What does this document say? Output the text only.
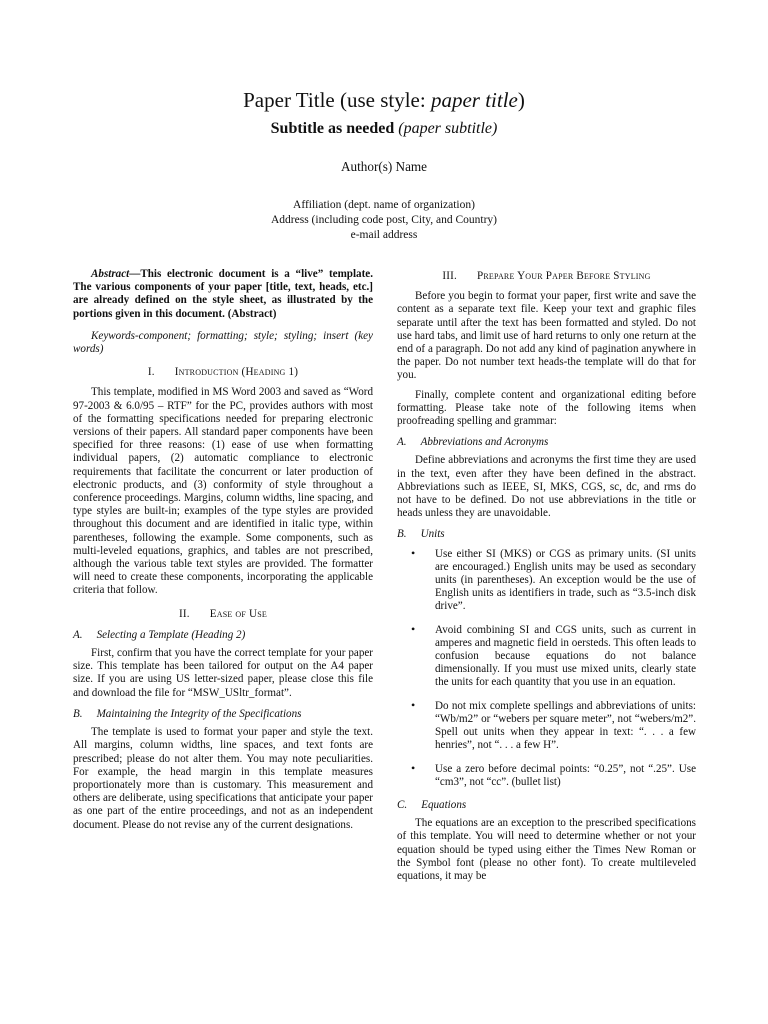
Paper Title (use style: paper title)
Subtitle as needed (paper subtitle)
Author(s) Name
Affiliation (dept. name of organization)
Address (including code post, City, and Country)
e-mail address

Abstract—This electronic document is a “live” template. The various components of your paper [title, text, heads, etc.] are already defined on the style sheet, as illustrated by the portions given in this document. (Abstract)

Keywords-component; formatting; style; styling; insert (key words)

I. Introduction (Heading 1)

This template, modified in MS Word 2003 and saved as “Word 97-2003 & 6.0/95 – RTF” for the PC, provides authors with most of the formatting specifications needed for preparing electronic versions of their papers. All standard paper components have been specified for three reasons: (1) ease of use when formatting individual papers, (2) automatic compliance to electronic requirements that facilitate the concurrent or later production of electronic products, and (3) conformity of style throughout a conference proceedings. Margins, column widths, line spacing, and type styles are built-in; examples of the type styles are provided throughout this document and are identified in italic type, within parentheses, following the example. Some components, such as multi-leveled equations, graphics, and tables are not prescribed, although the various table text styles are provided. The formatter will need to create these components, incorporating the applicable criteria that follow.

II. Ease of Use
A. Selecting a Template (Heading 2)

First, confirm that you have the correct template for your paper size. This template has been tailored for output on the A4 paper size. If you are using US letter-sized paper, please close this file and download the file for “MSW_USltr_format”.

B. Maintaining the Integrity of the Specifications

The template is used to format your paper and style the text. All margins, column widths, line spaces, and text fonts are prescribed; please do not alter them. You may note peculiarities. For example, the head margin in this template measures proportionately more than is customary. This measurement and others are deliberate, using specifications that anticipate your paper as one part of the entire proceedings, and not as an independent document. Please do not revise any of the current designations.

III. Prepare Your Paper Before Styling

Before you begin to format your paper, first write and save the content as a separate text file. Keep your text and graphic files separate until after the text has been formatted and styled. Do not use hard tabs, and limit use of hard returns to only one return at the end of a paragraph. Do not add any kind of pagination anywhere in the paper. Do not number text heads-the template will do that for you.

Finally, complete content and organizational editing before formatting. Please take note of the following items when proofreading spelling and grammar:

A. Abbreviations and Acronyms

Define abbreviations and acronyms the first time they are used in the text, even after they have been defined in the abstract. Abbreviations such as IEEE, SI, MKS, CGS, sc, dc, and rms do not have to be defined. Do not use abbreviations in the title or heads unless they are unavoidable.

B. Units
• Use either SI (MKS) or CGS as primary units. (SI units are encouraged.) English units may be used as secondary units (in parentheses). An exception would be the use of English units as identifiers in trade, such as “3.5-inch disk drive”.
• Avoid combining SI and CGS units, such as current in amperes and magnetic field in oersteds. This often leads to confusion because equations do not balance dimensionally. If you must use mixed units, clearly state the units for each quantity that you use in an equation.
• Do not mix complete spellings and abbreviations of units: “Wb/m2” or “webers per square meter”, not “webers/m2”. Spell out units when they appear in text: “. . . a few henries”, not “. . . a few H”.
• Use a zero before decimal points: “0.25”, not “.25”. Use “cm3”, not “cc”. (bullet list)
C. Equations

The equations are an exception to the prescribed specifications of this template. You will need to determine whether or not your equation should be typed using either the Times New Roman or the Symbol font (please no other font). To create multileveled equations, it may be
